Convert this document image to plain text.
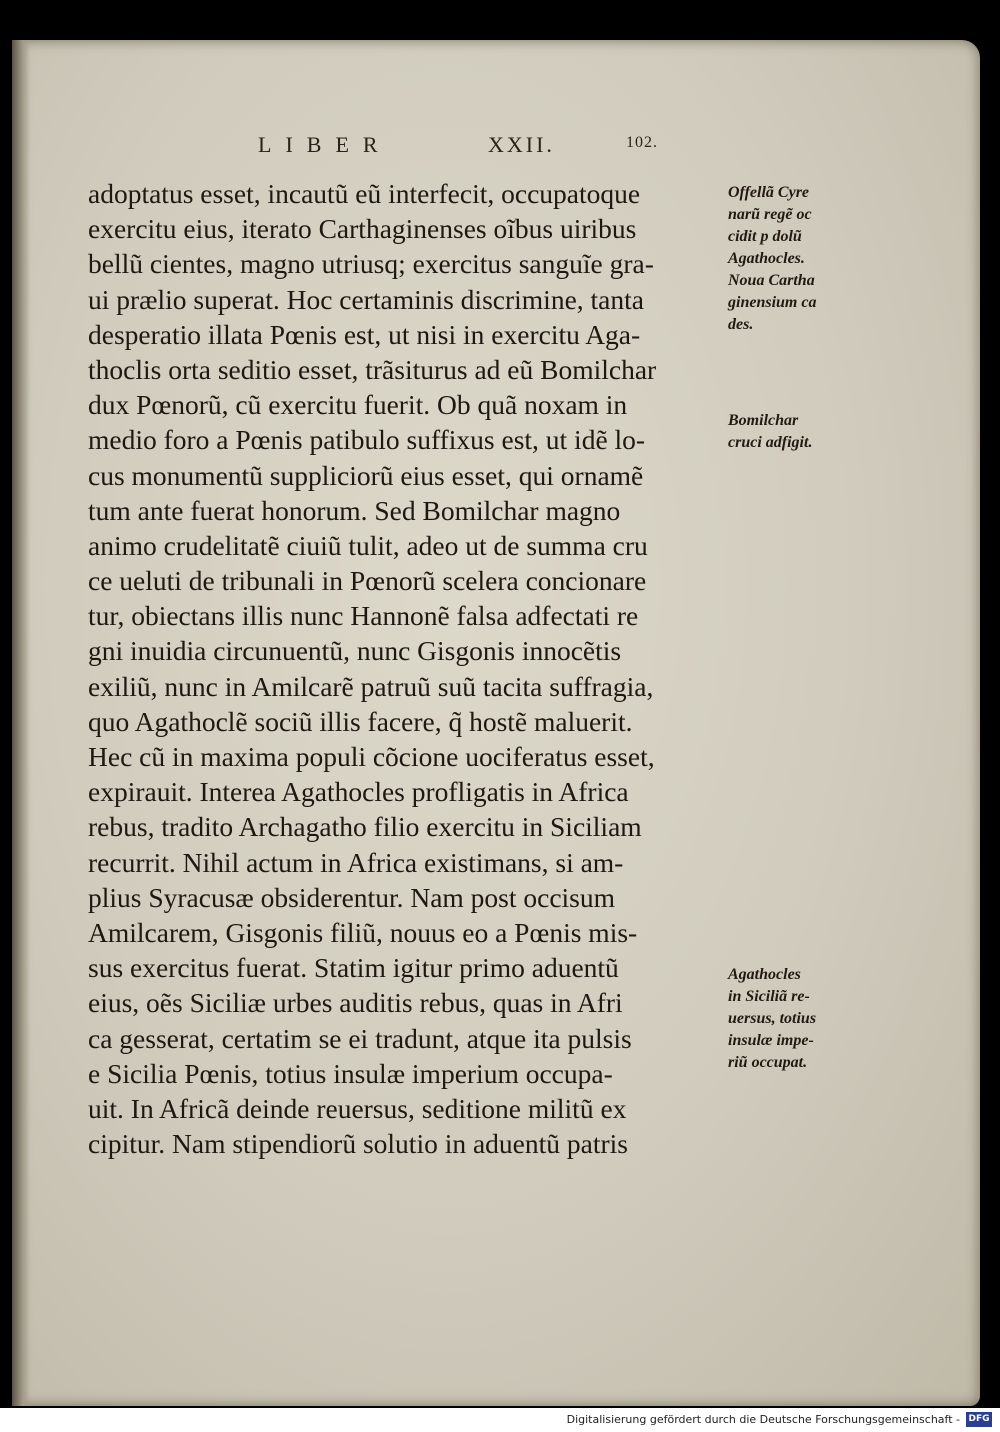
LIBER	XXII.	102.
adoptatus esset, incautũ eũ interfecit, occupatoque
exercitu eius, iterato Carthaginenses oĩbus uiribus
bellũ cientes, magno utriusq; exercitus sanguĩe gra-
ui prælio superat. Hoc certaminis discrimine, tanta
desperatio illata Pœnis est, ut nisi in exercitu Aga-
thoclis orta seditio esset, trãsiturus ad eũ Bomilchar
dux Pœnorũ, cũ exercitu fuerit. Ob quã noxam in
medio foro a Pœnis patibulo suffixus est, ut idẽ lo-
cus monumentũ suppliciorũ eius esset, qui ornamẽ
tum ante fuerat honorum. Sed Bomilchar magno
animo crudelitatẽ ciuiũ tulit, adeo ut de summa cru
ce ueluti de tribunali in Pœnorũ scelera concionare
tur, obiectans illis nunc Hannonẽ falsa adfectati re
gni inuidia circunuentũ, nunc Gisgonis innocẽtis
exiliũ, nunc in Amilcarẽ patruũ suũ tacita suffragia,
quo Agathoclẽ sociũ illis facere, q̃ hostẽ maluerit.
Hec cũ in maxima populi cõcione uociferatus esset,
expirauit. Interea Agathocles profligatis in Africa
rebus, tradito Archagatho filio exercitu in Siciliam
recurrit. Nihil actum in Africa existimans, si am-
plius Syracusæ obsiderentur. Nam post occisum
Amilcarem, Gisgonis filiũ, nouus eo a Pœnis mis-
sus exercitus fuerat. Statim igitur primo aduentũ
eius, oẽs Siciliæ urbes auditis rebus, quas in Afri
ca gesserat, certatim se ei tradunt, atque ita pulsis
e Sicilia Pœnis, totius insulæ imperium occupa-
uit. In Africã deinde reuersus, seditione militũ ex
cipitur. Nam stipendiorũ solutio in aduentũ patris
Offellã Cyre
narũ regẽ oc
cidit p dolũ
Agathocles.
Noua Cartha
ginensium ca
des.
Bomilchar
cruci adfigit.
Agathocles
in Siciliã re-
uersus, totius
insulæ impe-
riũ occupat.
Digitalisierung gefördert durch die Deutsche Forschungsgemeinschaft - DFG
